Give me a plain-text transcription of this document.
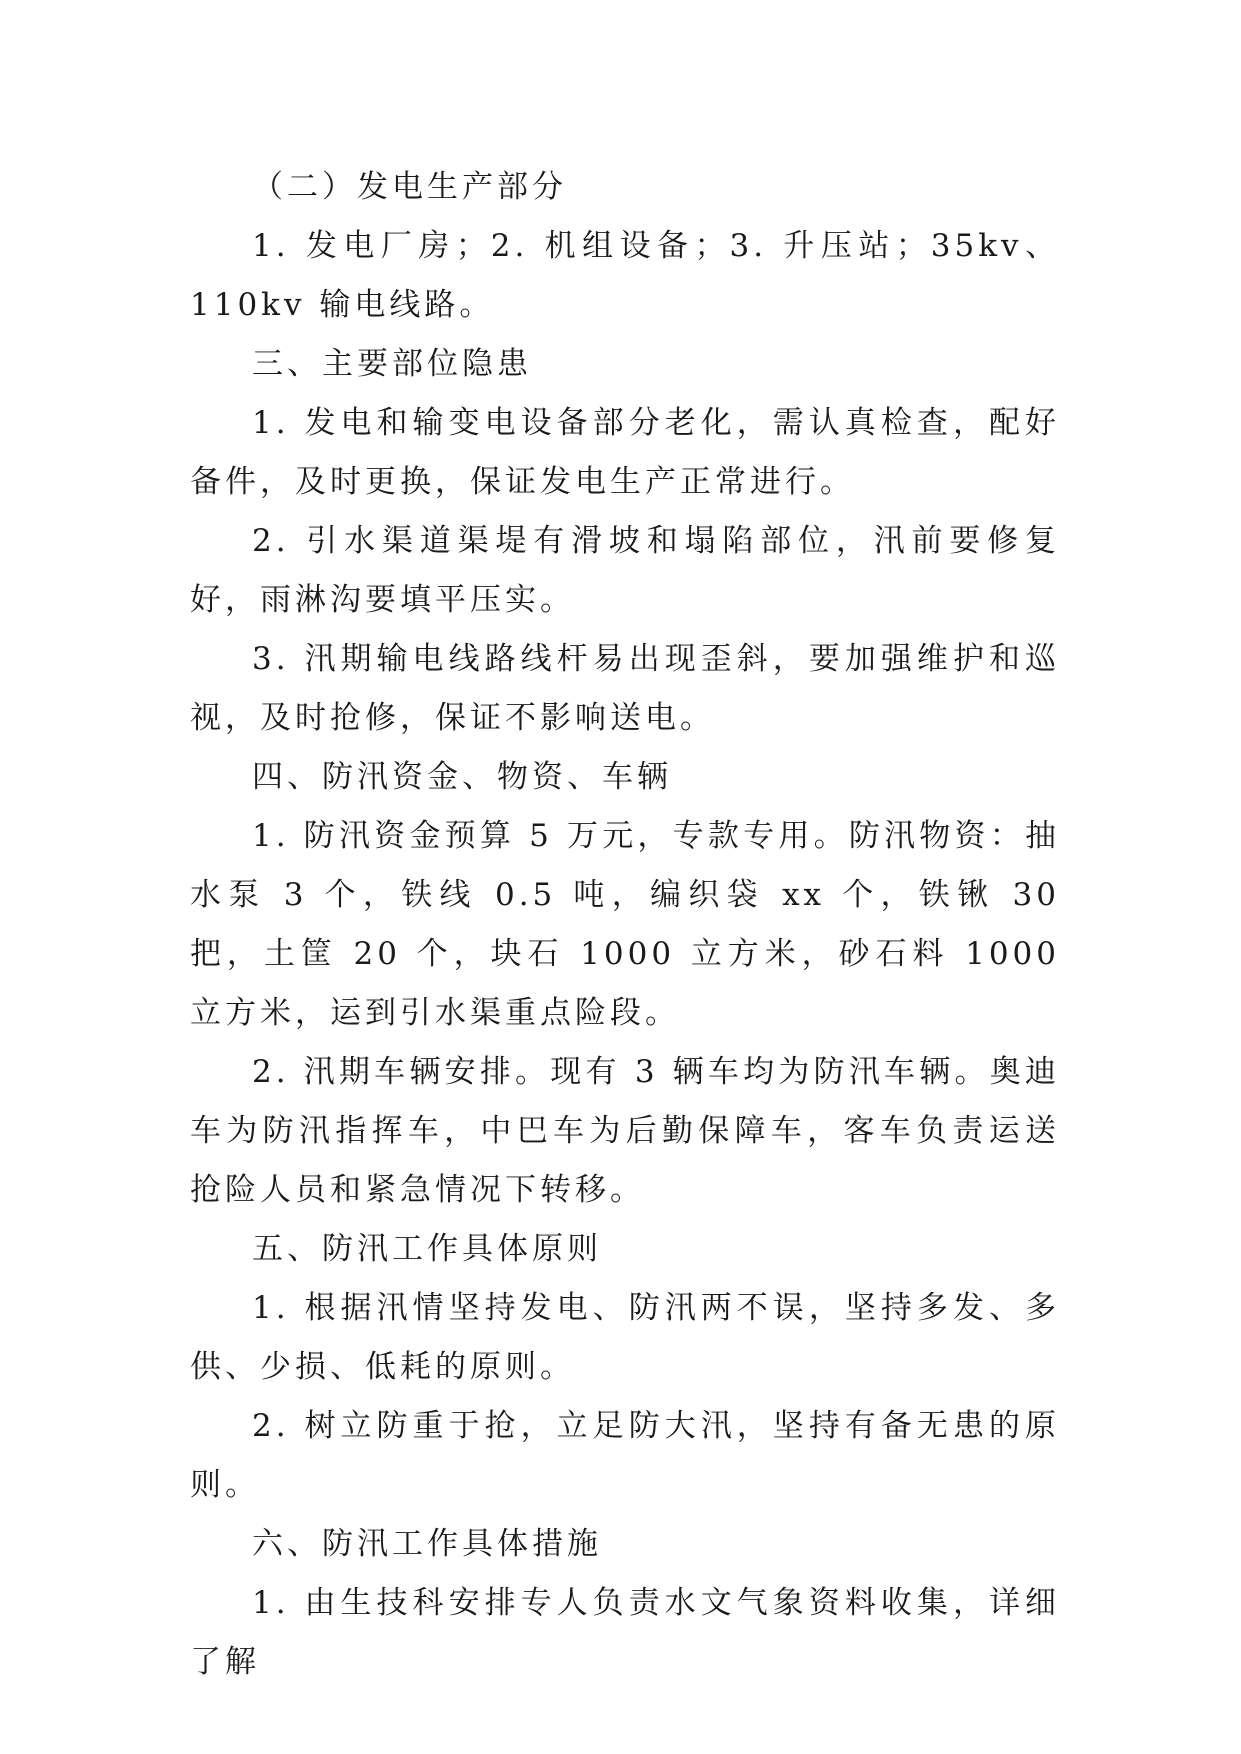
（二）发电生产部分

1. 发电厂房；2. 机组设备；3. 升压站；35kv、110kv 输电线路。

三、主要部位隐患

1. 发电和输变电设备部分老化，需认真检查，配好备件，及时更换，保证发电生产正常进行。

2. 引水渠道渠堤有滑坡和塌陷部位，汛前要修复好，雨淋沟要填平压实。

3. 汛期输电线路线杆易出现歪斜，要加强维护和巡视，及时抢修，保证不影响送电。

四、防汛资金、物资、车辆

1. 防汛资金预算 5 万元，专款专用。防汛物资：抽水泵 3 个，铁线 0.5 吨，编织袋 xx 个，铁锹 30 把，土筐 20 个，块石 1000 立方米，砂石料 1000 立方米，运到引水渠重点险段。

2. 汛期车辆安排。现有 3 辆车均为防汛车辆。奥迪车为防汛指挥车，中巴车为后勤保障车，客车负责运送抢险人员和紧急情况下转移。

五、防汛工作具体原则

1. 根据汛情坚持发电、防汛两不误，坚持多发、多供、少损、低耗的原则。

2. 树立防重于抢，立足防大汛，坚持有备无患的原则。

六、防汛工作具体措施

1. 由生技科安排专人负责水文气象资料收集，详细了解
